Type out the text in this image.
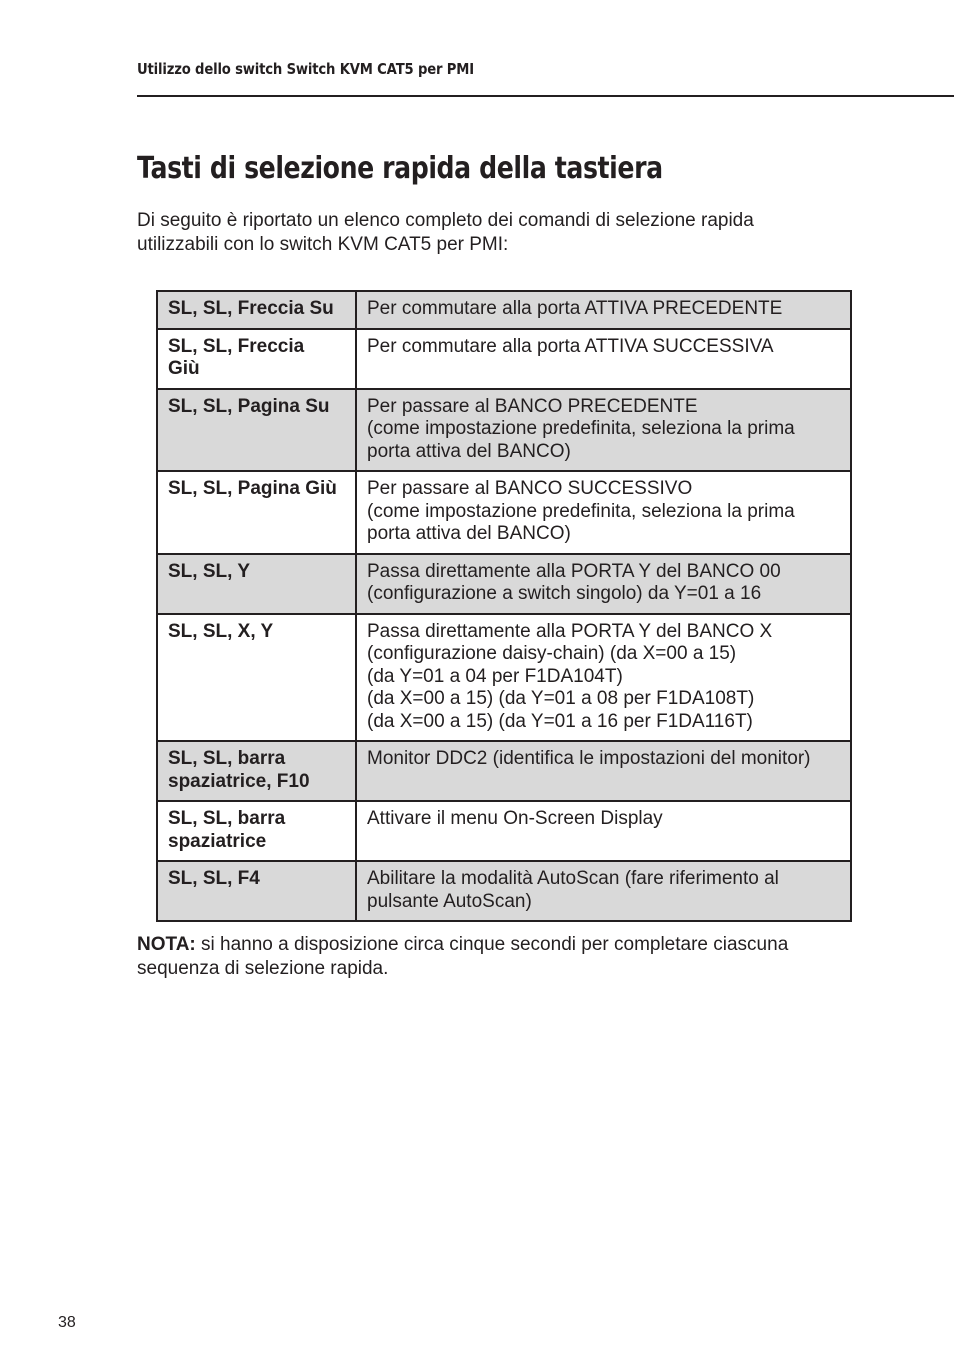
Utilizzo dello switch Switch KVM CAT5 per PMI
Tasti di selezione rapida della tastiera

Di seguito è riportato un elenco completo dei comandi di selezione rapida
utilizzabili con lo switch KVM CAT5 per PMI:

SL, SL, Freccia Su	Per commutare alla porta ATTIVA PRECEDENTE

SL, SL, Freccia
Giù	Per commutare alla porta ATTIVA SUCCESSIVA

SL, SL, Pagina Su	Per passare al BANCO PRECEDENTE
(come impostazione predefinita, seleziona la prima
porta attiva del BANCO)

SL, SL, Pagina Giù	Per passare al BANCO SUCCESSIVO
(come impostazione predefinita, seleziona la prima
porta attiva del BANCO)

SL, SL, Y	Passa direttamente alla PORTA Y del BANCO 00
(configurazione a switch singolo) da Y=01 a 16

SL, SL, X, Y	Passa direttamente alla PORTA Y del BANCO X
(configurazione daisy-chain) (da X=00 a 15)
(da Y=01 a 04 per F1DA104T)
(da X=00 a 15) (da Y=01 a 08 per F1DA108T)
(da X=00 a 15) (da Y=01 a 16 per F1DA116T)

SL, SL, barra
spaziatrice, F10	Monitor DDC2 (identifica le impostazioni del monitor)

SL, SL, barra
spaziatrice	Attivare il menu On-Screen Display

SL, SL, F4	Abilitare la modalità AutoScan (fare riferimento al
pulsante AutoScan)

NOTA: si hanno a disposizione circa cinque secondi per completare ciascuna
sequenza di selezione rapida.

38
